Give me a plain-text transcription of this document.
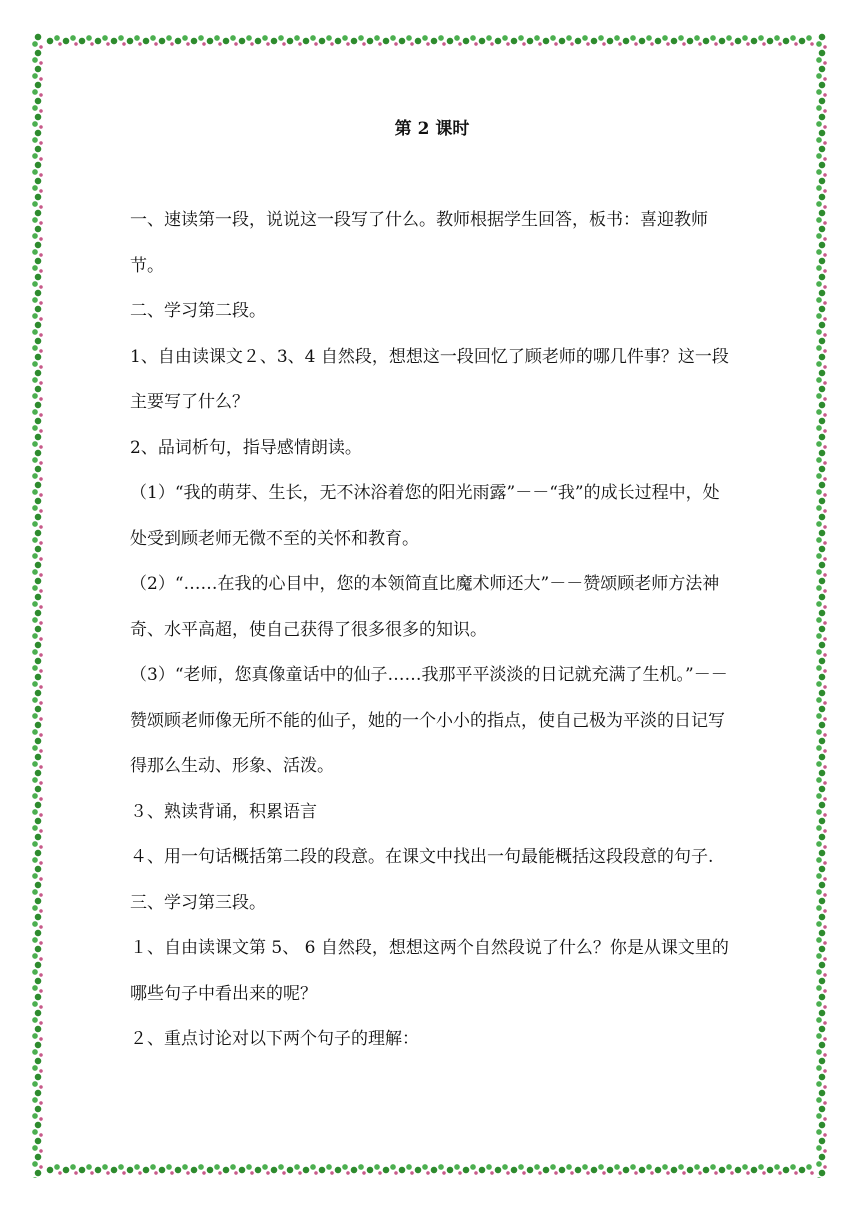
第 2 课时

一、速读第一段，说说这一段写了什么。教师根据学生回答，板书：喜迎教师节。

二、学习第二段。

1、自由读课文２、3、4 自然段，想想这一段回忆了顾老师的哪几件事？这一段主要写了什么？

2、品词析句，指导感情朗读。

（1）“我的萌芽、生长，无不沐浴着您的阳光雨露”－－“我”的成长过程中，处处受到顾老师无微不至的关怀和教育。

（2）“……在我的心目中，您的本领简直比魔术师还大”－－赞颂顾老师方法神奇、水平高超，使自己获得了很多很多的知识。

（3）“老师，您真像童话中的仙子……我那平平淡淡的日记就充满了生机。”－－赞颂顾老师像无所不能的仙子，她的一个小小的指点，使自己极为平淡的日记写得那么生动、形象、活泼。

３、熟读背诵，积累语言

４、用一句话概括第二段的段意。在课文中找出一句最能概括这段段意的句子.

三、学习第三段。

１、自由读课文第 5、 6 自然段，想想这两个自然段说了什么？你是从课文里的哪些句子中看出来的呢？

２、重点讨论对以下两个句子的理解：
